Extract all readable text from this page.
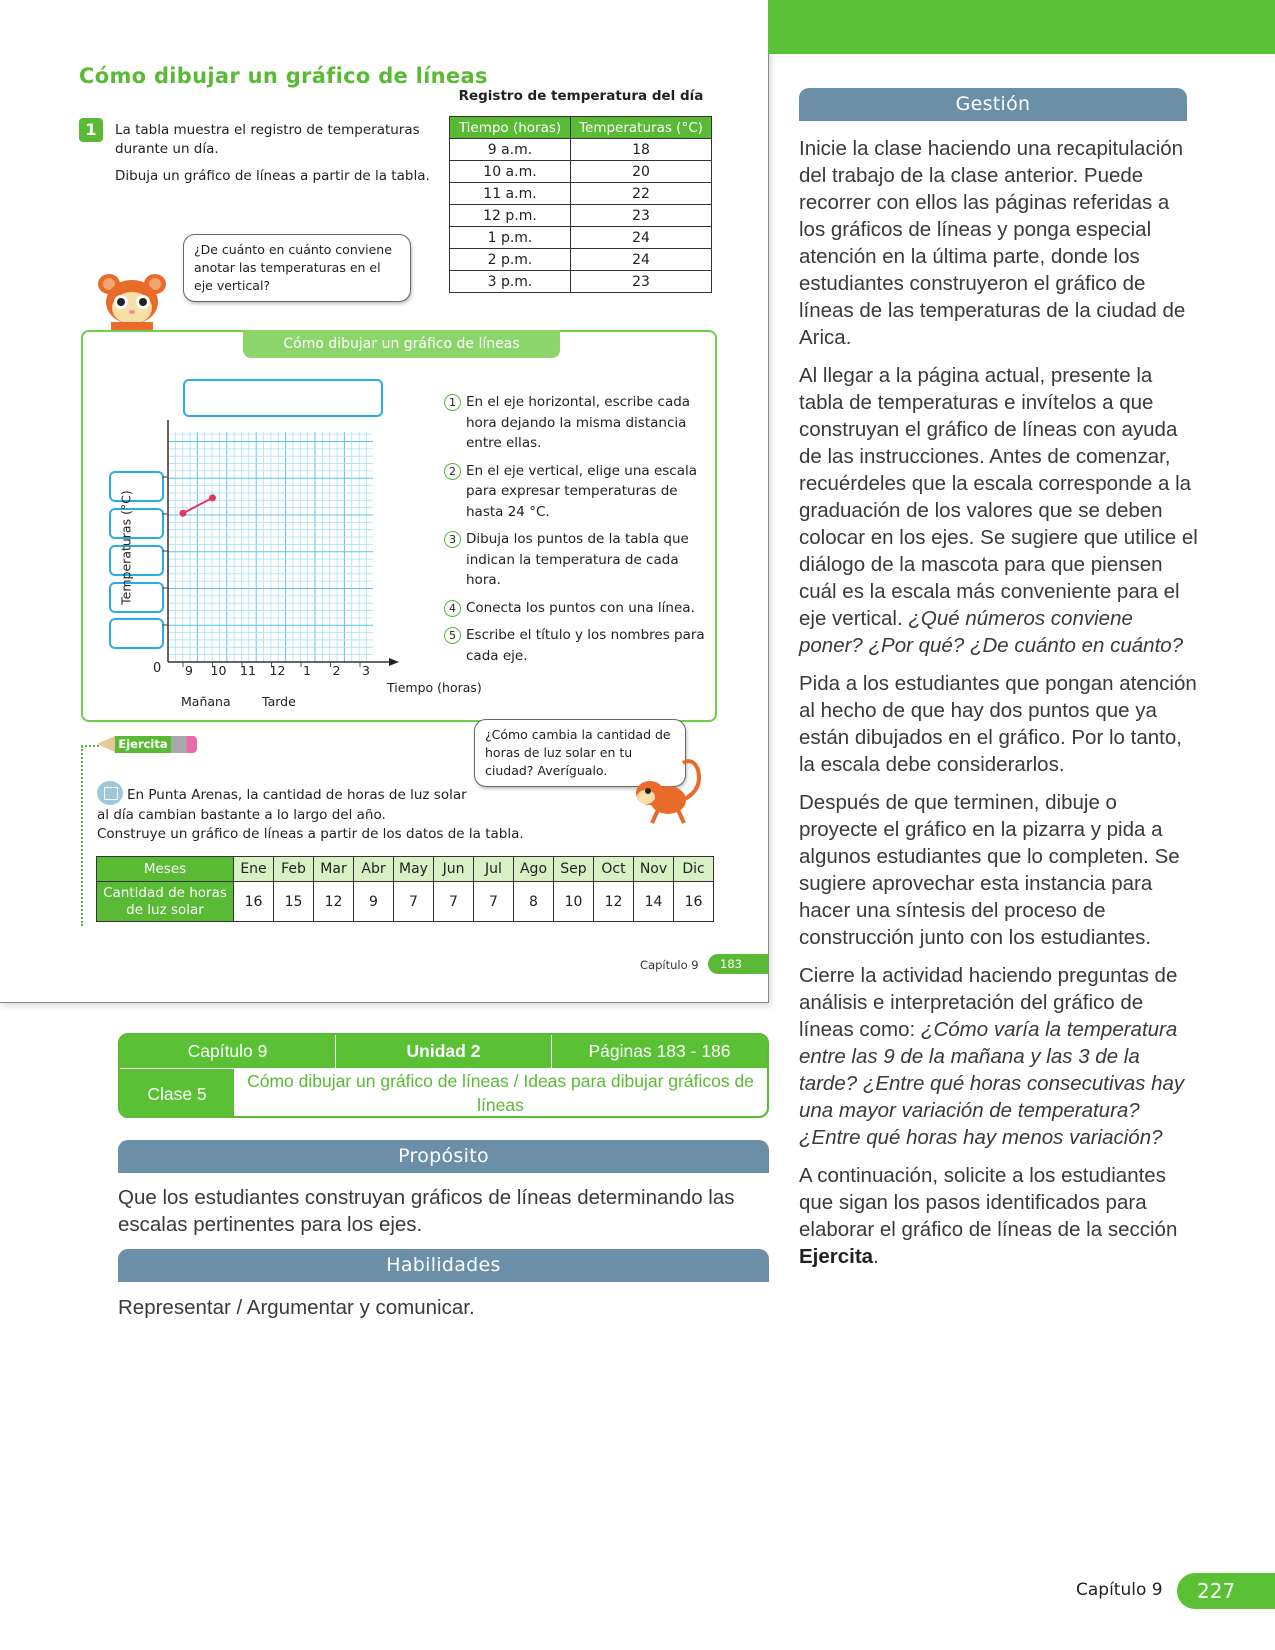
Cómo dibujar un gráfico de líneas
1	La tabla muestra el registro de temperaturas durante un día.

Dibuja un gráfico de líneas a partir de la tabla.

Registro de temperatura del día
Tiempo (horas)	Temperaturas (°C)
9 a.m.	18
10 a.m.	20
11 a.m.	22
12 p.m.	23
1 p.m.	24
2 p.m.	24
3 p.m.	23
¿De cuánto en cuánto conviene anotar las temperaturas en el eje vertical?
Cómo dibujar un gráfico de líneas
Temperaturas (°C)
0	9	10	11	12	1	2	3
Tiempo (horas)
Mañana	Tarde
1 En el eje horizontal, escribe cada hora dejando la misma distancia entre ellas.
2 En el eje vertical, elige una escala para expresar temperaturas de hasta 24 °C.
3 Dibuja los puntos de la tabla que indican la temperatura de cada hora.
4 Conecta los puntos con una línea.
5 Escribe el título y los nombres para cada eje.
Ejercita
¿Cómo cambia la cantidad de horas de luz solar en tu ciudad? Averígualo.
En Punta Arenas, la cantidad de horas de luz solar
al día cambian bastante a lo largo del año.
Construye un gráfico de líneas a partir de los datos de la tabla.
Meses	Ene	Feb	Mar	Abr	May	Jun	Jul	Ago	Sep	Oct	Nov	Dic
Cantidad de horas de luz solar	16	15	12	9	7	7	7	8	10	12	14	16
Capítulo 9	183
Gestión

Inicie la clase haciendo una recapitulación del trabajo de la clase anterior. Puede recorrer con ellos las páginas referidas a los gráficos de líneas y ponga especial atención en la última parte, donde los estudiantes construyeron el gráfico de líneas de las temperaturas de la ciudad de Arica.

Al llegar a la página actual, presente la tabla de temperaturas e invítelos a que construyan el gráfico de líneas con ayuda de las instrucciones. Antes de comenzar, recuérdeles que la escala corresponde a la graduación de los valores que se deben colocar en los ejes. Se sugiere que utilice el diálogo de la mascota para que piensen cuál es la escala más conveniente para el eje vertical. ¿Qué números conviene poner? ¿Por qué? ¿De cuánto en cuánto?

Pida a los estudiantes que pongan atención al hecho de que hay dos puntos que ya están dibujados en el gráfico. Por lo tanto, la escala debe considerarlos.

Después de que terminen, dibuje o proyecte el gráfico en la pizarra y pida a algunos estudiantes que lo completen. Se sugiere aprovechar esta instancia para hacer una síntesis del proceso de construcción junto con los estudiantes.

Cierre la actividad haciendo preguntas de análisis e interpretación del gráfico de líneas como: ¿Cómo varía la temperatura entre las 9 de la mañana y las 3 de la tarde? ¿Entre qué horas consecutivas hay una mayor variación de temperatura? ¿Entre qué horas hay menos variación?

A continuación, solicite a los estudiantes que sigan los pasos identificados para elaborar el gráfico de líneas de la sección Ejercita.

Capítulo 9	Unidad 2	Páginas 183 - 186
Clase 5
Cómo dibujar un gráfico de líneas / Ideas para dibujar gráficos de líneas
Propósito
Que los estudiantes construyan gráficos de líneas determinando las escalas pertinentes para los ejes.
Habilidades
Representar / Argumentar y comunicar.
Capítulo 9	227
